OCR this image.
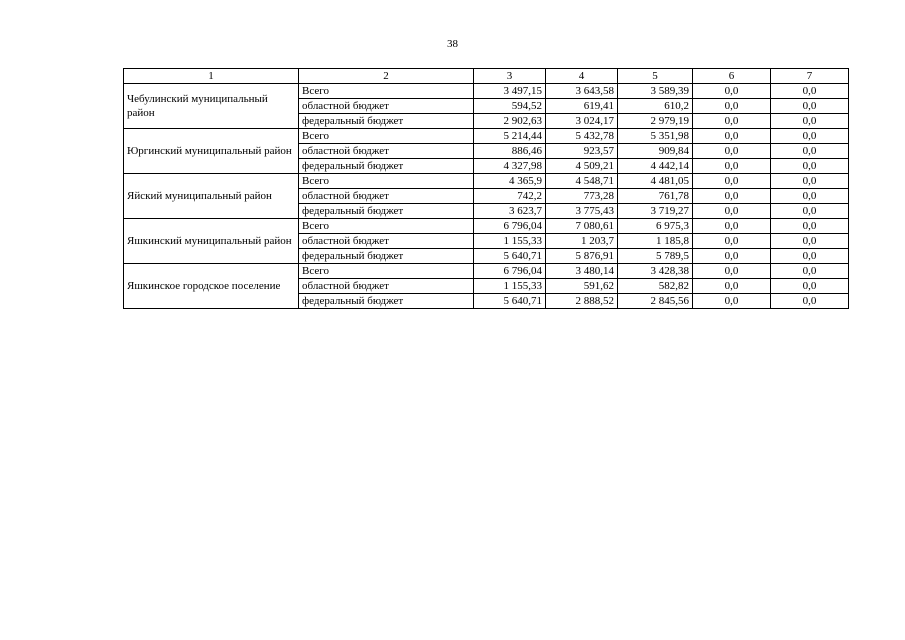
38
1	2	3	4	5	6	7
Чебулинский муниципальный район	Всего	3 497,15	3 643,58	3 589,39	0,0	0,0
	областной бюджет	594,52	619,41	610,2	0,0	0,0
	федеральный бюджет	2 902,63	3 024,17	2 979,19	0,0	0,0
Юргинский муниципальный район	Всего	5 214,44	5 432,78	5 351,98	0,0	0,0
	областной бюджет	886,46	923,57	909,84	0,0	0,0
	федеральный бюджет	4 327,98	4 509,21	4 442,14	0,0	0,0
Яйский муниципальный район	Всего	4 365,9	4 548,71	4 481,05	0,0	0,0
	областной бюджет	742,2	773,28	761,78	0,0	0,0
	федеральный бюджет	3 623,7	3 775,43	3 719,27	0,0	0,0
Яшкинский муниципальный район	Всего	6 796,04	7 080,61	6 975,3	0,0	0,0
	областной бюджет	1 155,33	1 203,7	1 185,8	0,0	0,0
	федеральный бюджет	5 640,71	5 876,91	5 789,5	0,0	0,0
Яшкинское городское поселение	Всего	6 796,04	3 480,14	3 428,38	0,0	0,0
	областной бюджет	1 155,33	591,62	582,82	0,0	0,0
	федеральный бюджет	5 640,71	2 888,52	2 845,56	0,0	0,0
